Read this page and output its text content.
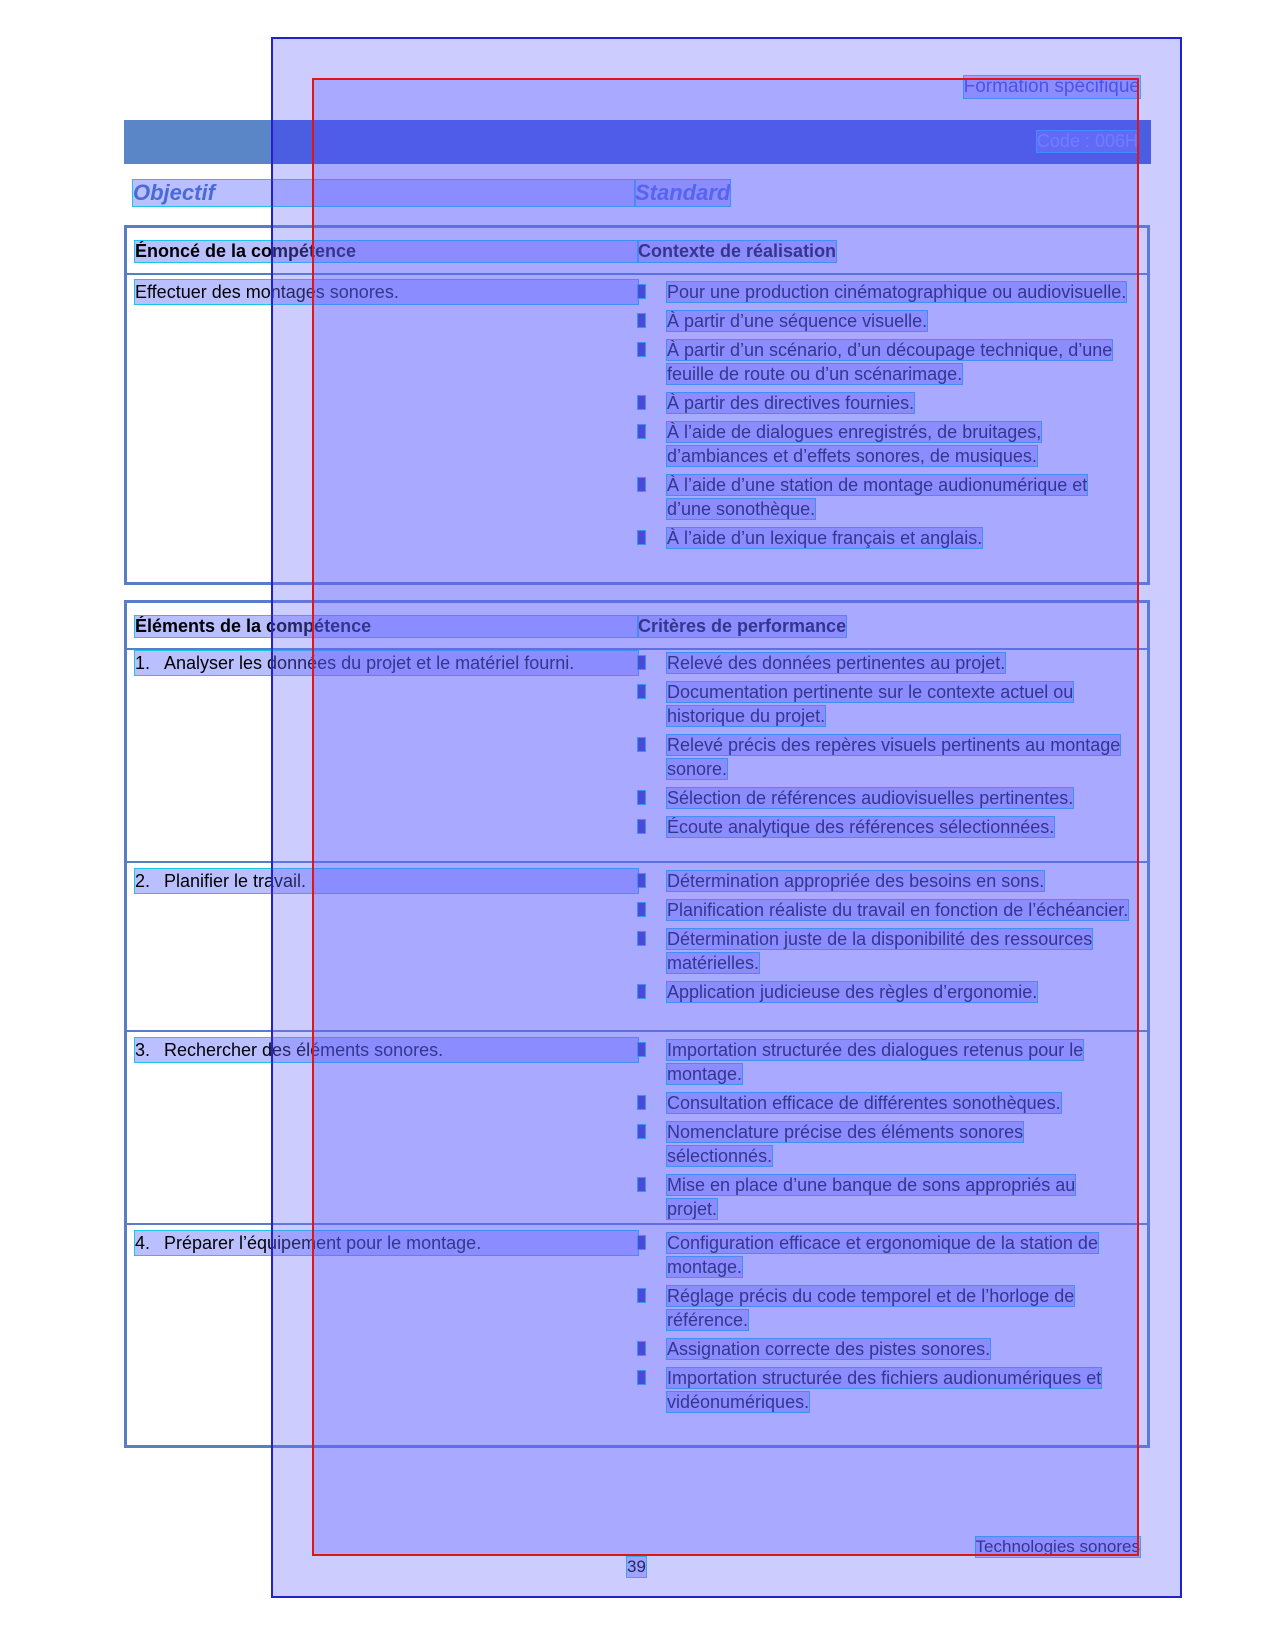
Formation spécifique
Code : 006H
Objectif	Standard
Énoncé de la compétence	Contexte de réalisation
Effectuer des montages sonores.	Pour une production cinématographique ou audiovisuelle.
À partir d’une séquence visuelle.
À partir d’un scénario, d’un découpage technique, d’une feuille de route ou d’un scénarimage.
À partir des directives fournies.
À l’aide de dialogues enregistrés, de bruitages, d’ambiances et d’effets sonores, de musiques.
À l’aide d’une station de montage audionumérique et d’une sonothèque.
À l’aide d’un lexique français et anglais.
Éléments de la compétence	Critères de performance
1. Analyser les données du projet et le matériel fourni.	Relevé des données pertinentes au projet.
Documentation pertinente sur le contexte actuel ou historique du projet.
Relevé précis des repères visuels pertinents au montage sonore.
Sélection de références audiovisuelles pertinentes.
Écoute analytique des références sélectionnées.
2. Planifier le travail.	Détermination appropriée des besoins en sons.
Planification réaliste du travail en fonction de l’échéancier.
Détermination juste de la disponibilité des ressources matérielles.
Application judicieuse des règles d’ergonomie.
3. Rechercher des éléments sonores.	Importation structurée des dialogues retenus pour le montage.
Consultation efficace de différentes sonothèques.
Nomenclature précise des éléments sonores sélectionnés.
Mise en place d’une banque de sons appropriés au projet.
4. Préparer l’équipement pour le montage.	Configuration efficace et ergonomique de la station de montage.
Réglage précis du code temporel et de l’horloge de référence.
Assignation correcte des pistes sonores.
Importation structurée des fichiers audionumériques et vidéonumériques.
Technologies sonores
39
